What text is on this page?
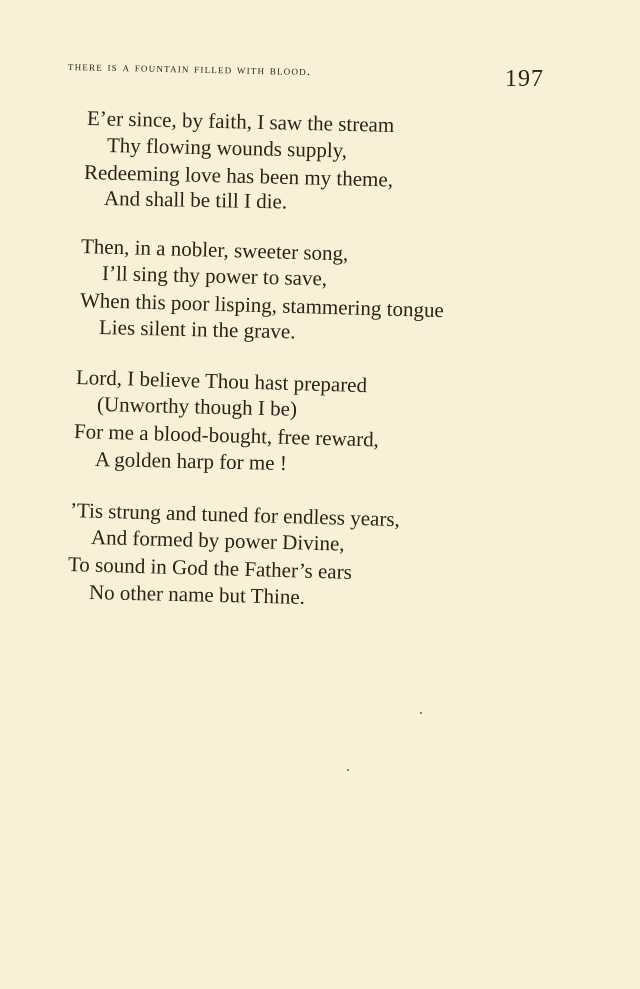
there is a fountain filled with blood.	197
E’er since, by faith, I saw the stream
Thy flowing wounds supply,
Redeeming love has been my theme,
And shall be till I die.
Then, in a nobler, sweeter song,
I’ll sing thy power to save,
When this poor lisping, stammering tongue
Lies silent in the grave.
Lord, I believe Thou hast prepared
(Unworthy though I be)
For me a blood-bought, free reward,
A golden harp for me !
’Tis strung and tuned for endless years,
And formed by power Divine,
To sound in God the Father’s ears
No other name but Thine.
